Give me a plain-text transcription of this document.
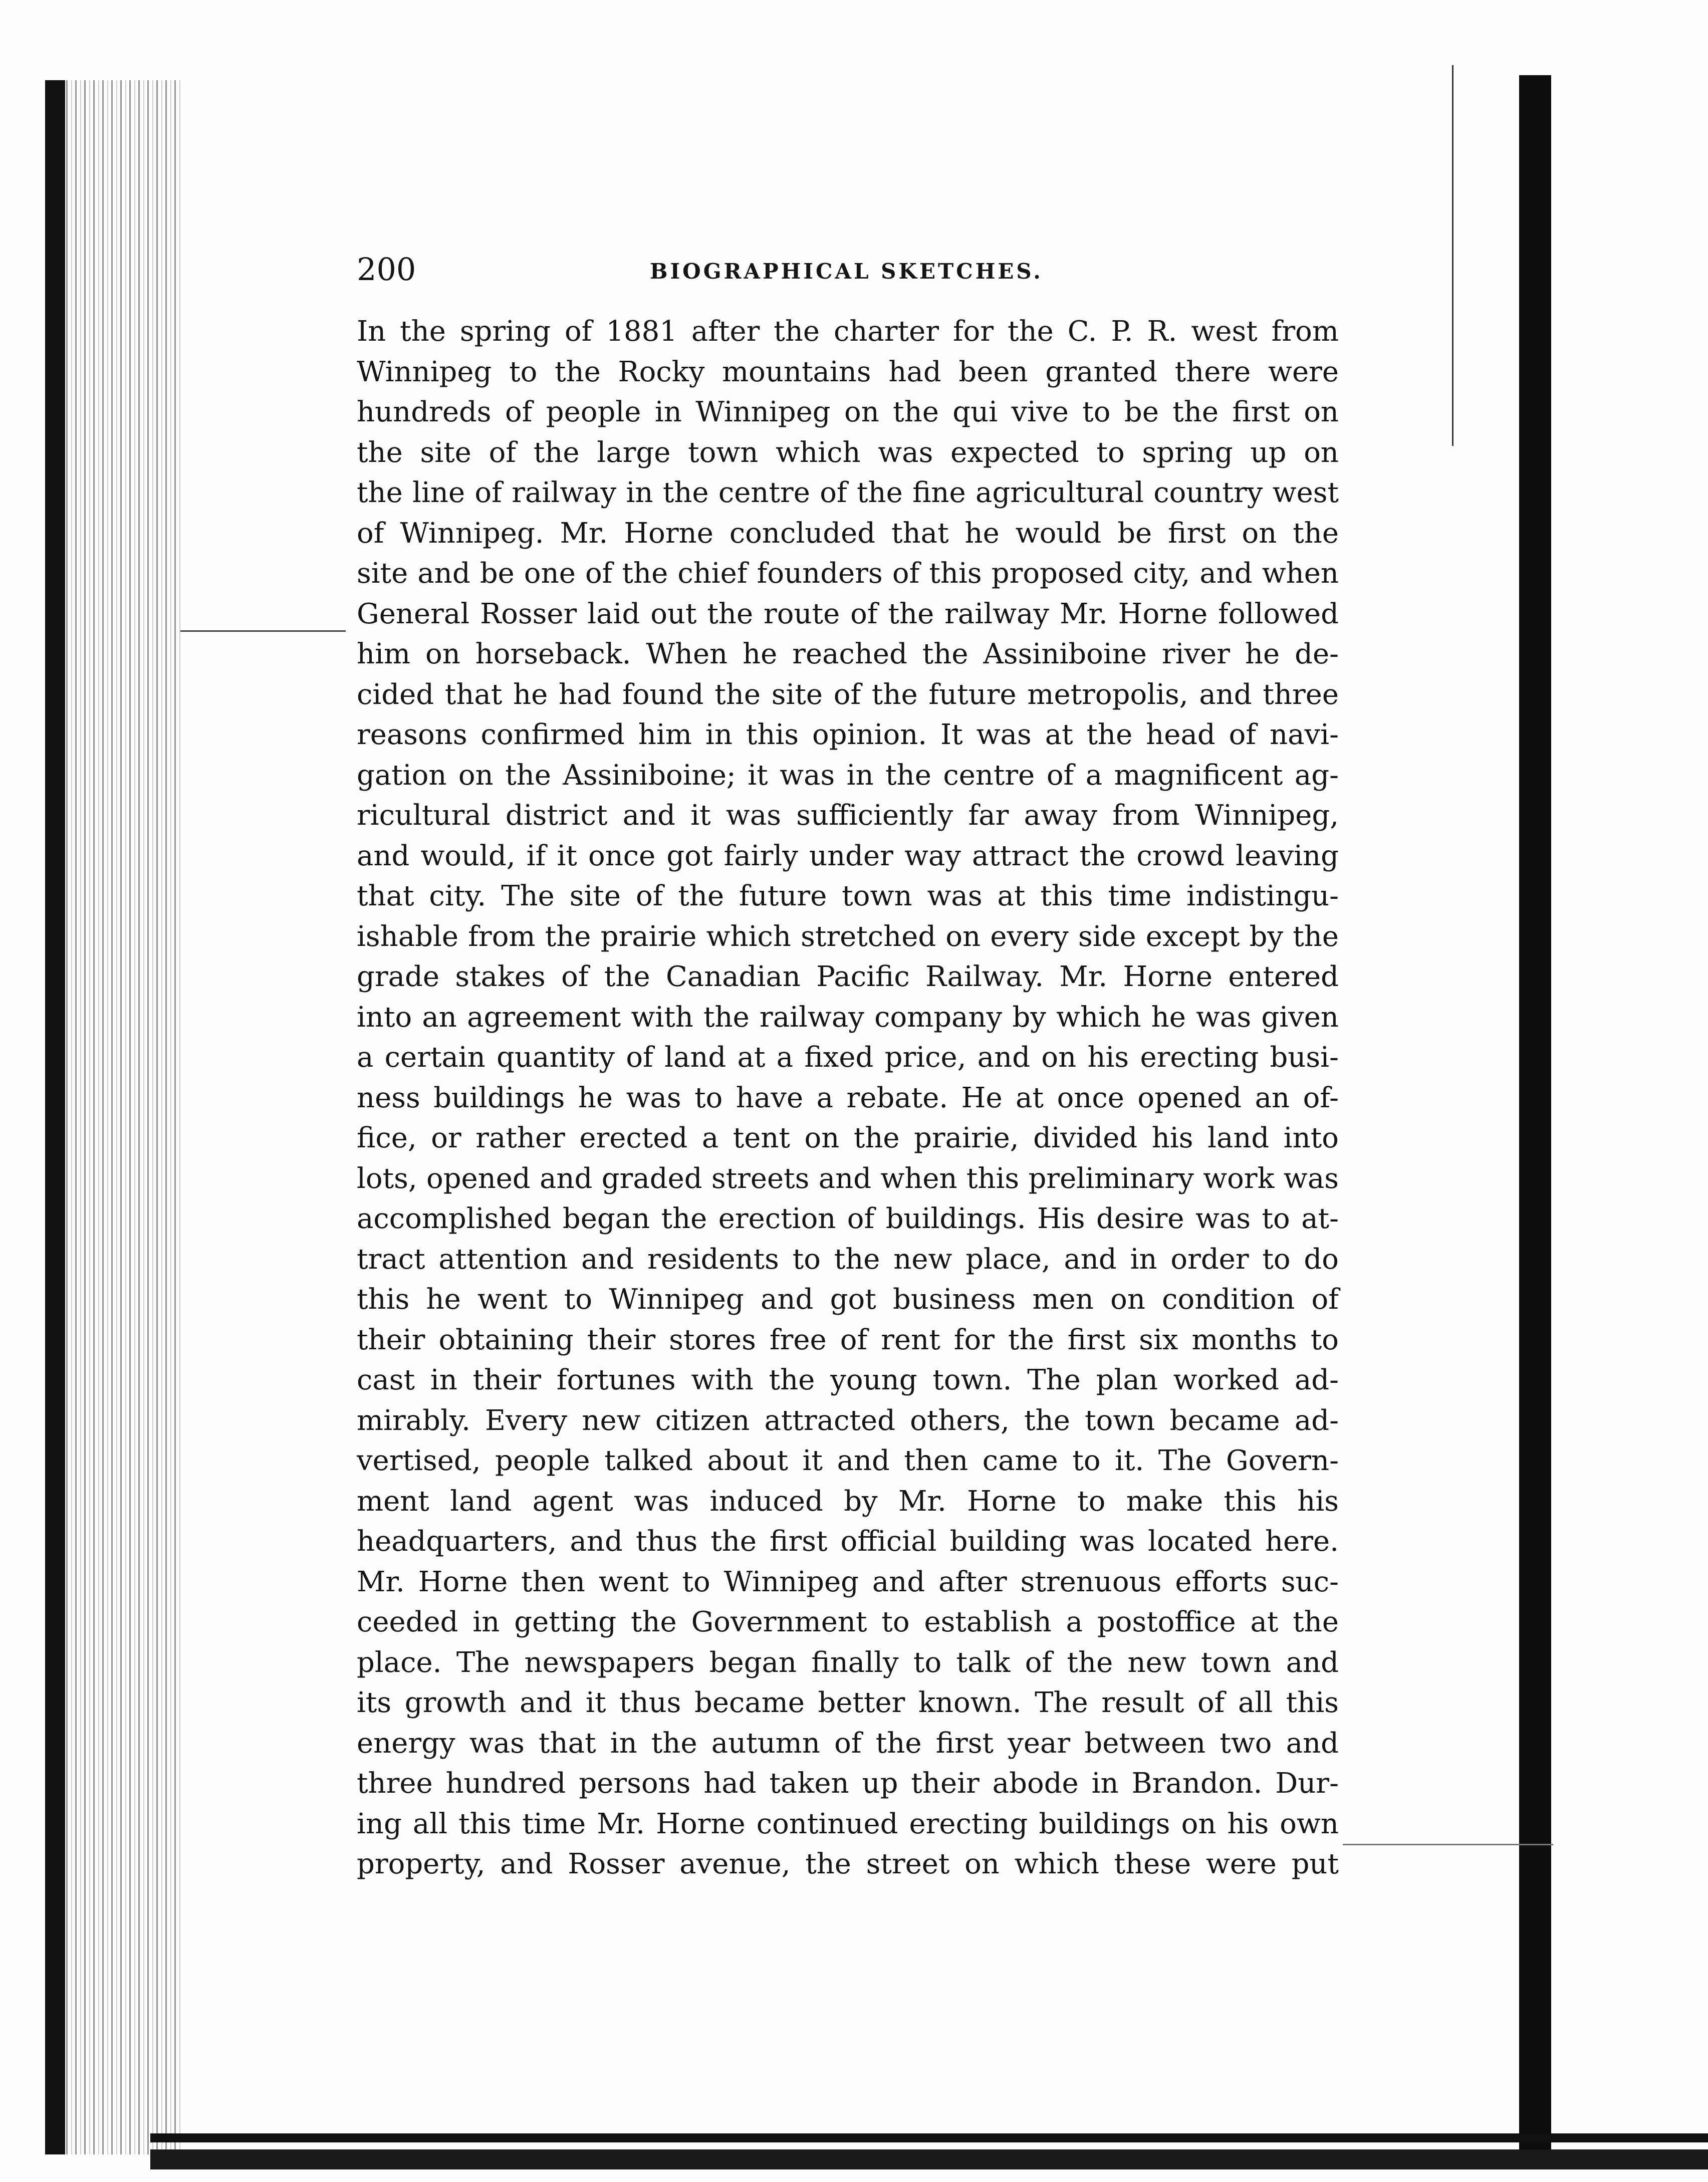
200	BIOGRAPHICAL SKETCHES.
In the spring of 1881 after the charter for the C. P. R. west from
Winnipeg to the Rocky mountains had been granted there were
hundreds of people in Winnipeg on the qui vive to be the first on
the site of the large town which was expected to spring up on
the line of railway in the centre of the fine agricultural country west
of Winnipeg. Mr. Horne concluded that he would be first on the
site and be one of the chief founders of this proposed city, and when
General Rosser laid out the route of the railway Mr. Horne followed
him on horseback. When he reached the Assiniboine river he de-
cided that he had found the site of the future metropolis, and three
reasons confirmed him in this opinion. It was at the head of navi-
gation on the Assiniboine; it was in the centre of a magnificent ag-
ricultural district and it was sufficiently far away from Winnipeg,
and would, if it once got fairly under way attract the crowd leaving
that city. The site of the future town was at this time indistingu-
ishable from the prairie which stretched on every side except by the
grade stakes of the Canadian Pacific Railway. Mr. Horne entered
into an agreement with the railway company by which he was given
a certain quantity of land at a fixed price, and on his erecting busi-
ness buildings he was to have a rebate. He at once opened an of-
fice, or rather erected a tent on the prairie, divided his land into
lots, opened and graded streets and when this preliminary work was
accomplished began the erection of buildings. His desire was to at-
tract attention and residents to the new place, and in order to do
this he went to Winnipeg and got business men on condition of
their obtaining their stores free of rent for the first six months to
cast in their fortunes with the young town. The plan worked ad-
mirably. Every new citizen attracted others, the town became ad-
vertised, people talked about it and then came to it. The Govern-
ment land agent was induced by Mr. Horne to make this his
headquarters, and thus the first official building was located here.
Mr. Horne then went to Winnipeg and after strenuous efforts suc-
ceeded in getting the Government to establish a postoffice at the
place. The newspapers began finally to talk of the new town and
its growth and it thus became better known. The result of all this
energy was that in the autumn of the first year between two and
three hundred persons had taken up their abode in Brandon. Dur-
ing all this time Mr. Horne continued erecting buildings on his own
property, and Rosser avenue, the street on which these were put
